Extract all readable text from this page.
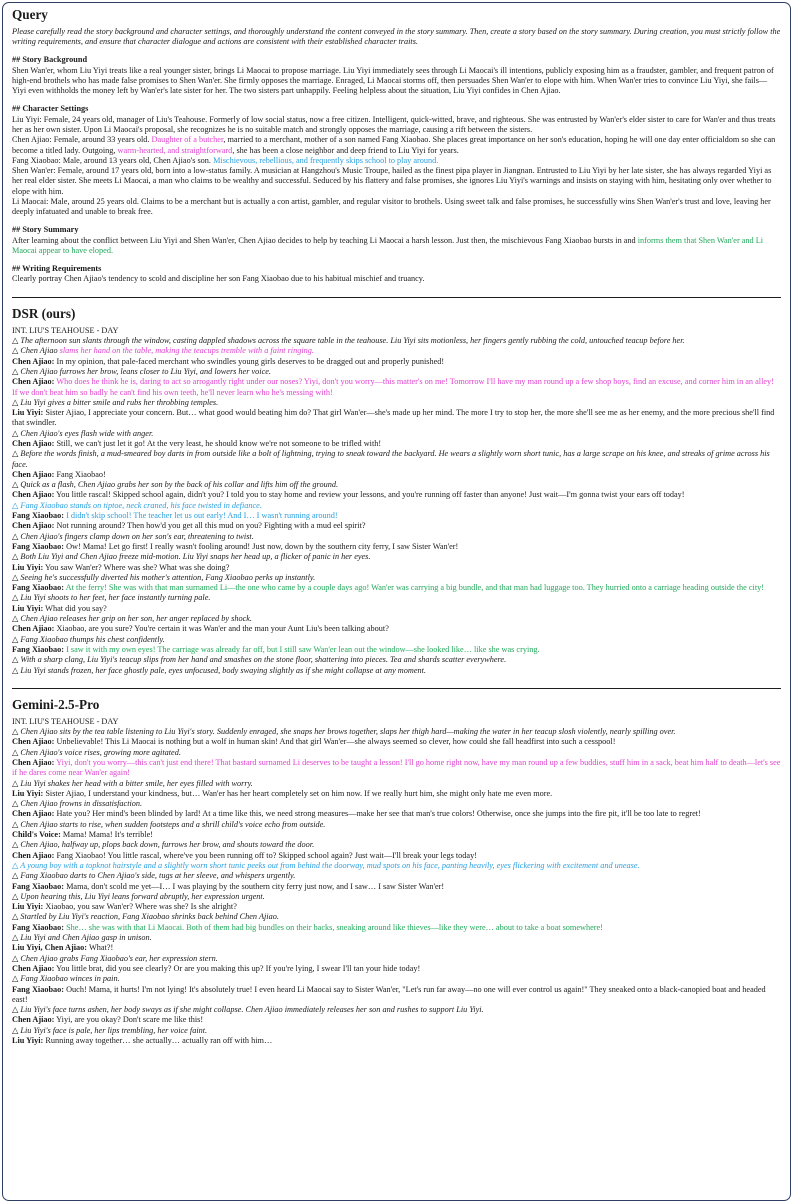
Query
Please carefully read the story background and character settings, and thoroughly understand the content conveyed in the story summary. Then, create a story based on the story summary. During creation, you must strictly follow the writing requirements, and ensure that character dialogue and actions are consistent with their established character traits.
## Story Background
Shen Wan'er, whom Liu Yiyi treats like a real younger sister, brings Li Maocai to propose marriage. Liu Yiyi immediately sees through Li Maocai's ill intentions, publicly exposing him as a fraudster, gambler, and frequent patron of high-end brothels who has made false promises to Shen Wan'er. She firmly opposes the marriage. Enraged, Li Maocai storms off, then persuades Shen Wan'er to elope with him. When Wan'er tries to convince Liu Yiyi, she fails—Yiyi even withholds the money left by Wan'er's late sister for her. The two sisters part unhappily. Feeling helpless about the situation, Liu Yiyi confides in Chen Ajiao.
## Character Settings
Liu Yiyi: Female, 24 years old, manager of Liu's Teahouse. Formerly of low social status, now a free citizen. Intelligent, quick-witted, brave, and righteous. She was entrusted by Wan'er's elder sister to care for Wan'er and thus treats her as her own sister. Upon Li Maocai's proposal, she recognizes he is no suitable match and strongly opposes the marriage, causing a rift between the sisters.
Chen Ajiao: Female, around 33 years old. Daughter of a butcher, married to a merchant, mother of a son named Fang Xiaobao. She places great importance on her son's education, hoping he will one day enter officialdom so she can become a titled lady. Outgoing, warm-hearted, and straightforward, she has been a close neighbor and deep friend to Liu Yiyi for years.
Fang Xiaobao: Male, around 13 years old, Chen Ajiao's son. Mischievous, rebellious, and frequently skips school to play around.
Shen Wan'er: Female, around 17 years old, born into a low-status family. A musician at Hangzhou's Music Troupe, hailed as the finest pipa player in Jiangnan. Entrusted to Liu Yiyi by her late sister, she has always regarded Yiyi as her real elder sister. She meets Li Maocai, a man who claims to be wealthy and successful. Seduced by his flattery and false promises, she ignores Liu Yiyi's warnings and insists on staying with him, hesitating only over whether to elope with him.
Li Maocai: Male, around 25 years old. Claims to be a merchant but is actually a con artist, gambler, and regular visitor to brothels. Using sweet talk and false promises, he successfully wins Shen Wan'er's trust and love, leaving her deeply infatuated and unable to break free.
## Story Summary
After learning about the conflict between Liu Yiyi and Shen Wan'er, Chen Ajiao decides to help by teaching Li Maocai a harsh lesson. Just then, the mischievous Fang Xiaobao bursts in and informs them that Shen Wan'er and Li Maocai appear to have eloped.
## Writing Requirements
Clearly portray Chen Ajiao's tendency to scold and discipline her son Fang Xiaobao due to his habitual mischief and truancy.
DSR (ours)
INT. LIU'S TEAHOUSE - DAY
△ The afternoon sun slants through the window, casting dappled shadows across the square table in the teahouse. Liu Yiyi sits motionless, her fingers gently rubbing the cold, untouched teacup before her.
△ Chen Ajiao slams her hand on the table, making the teacups tremble with a faint ringing.
Chen Ajiao: In my opinion, that pale-faced merchant who swindles young girls deserves to be dragged out and properly punished!
△ Chen Ajiao furrows her brow, leans closer to Liu Yiyi, and lowers her voice.
Chen Ajiao: Who does he think he is, daring to act so arrogantly right under our noses? Yiyi, don't you worry—this matter's on me! Tomorrow I'll have my man round up a few shop boys, find an excuse, and corner him in an alley! If we don't beat him so badly he can't find his own teeth, he'll never learn who he's messing with!
△ Liu Yiyi gives a bitter smile and rubs her throbbing temples.
Liu Yiyi: Sister Ajiao, I appreciate your concern. But… what good would beating him do? That girl Wan'er—she's made up her mind. The more I try to stop her, the more she'll see me as her enemy, and the more precious she'll find that swindler.
△ Chen Ajiao's eyes flash wide with anger.
Chen Ajiao: Still, we can't just let it go! At the very least, he should know we're not someone to be trifled with!
△ Before the words finish, a mud-smeared boy darts in from outside like a bolt of lightning, trying to sneak toward the backyard. He wears a slightly worn short tunic, has a large scrape on his knee, and streaks of grime across his face.
Chen Ajiao: Fang Xiaobao!
△ Quick as a flash, Chen Ajiao grabs her son by the back of his collar and lifts him off the ground.
Chen Ajiao: You little rascal! Skipped school again, didn't you? I told you to stay home and review your lessons, and you're running off faster than anyone! Just wait—I'm gonna twist your ears off today!
△ Fang Xiaobao stands on tiptoe, neck craned, his face twisted in defiance.
Fang Xiaobao: I didn't skip school! The teacher let us out early! And I… I wasn't running around!
Chen Ajiao: Not running around? Then how'd you get all this mud on you? Fighting with a mud eel spirit?
△ Chen Ajiao's fingers clamp down on her son's ear, threatening to twist.
Fang Xiaobao: Ow! Mama! Let go first! I really wasn't fooling around! Just now, down by the southern city ferry, I saw Sister Wan'er!
△ Both Liu Yiyi and Chen Ajiao freeze mid-motion. Liu Yiyi snaps her head up, a flicker of panic in her eyes.
Liu Yiyi: You saw Wan'er? Where was she? What was she doing?
△ Seeing he's successfully diverted his mother's attention, Fang Xiaobao perks up instantly.
Fang Xiaobao: At the ferry! She was with that man surnamed Li—the one who came by a couple days ago! Wan'er was carrying a big bundle, and that man had luggage too. They hurried onto a carriage heading outside the city!
△ Liu Yiyi shoots to her feet, her face instantly turning pale.
Liu Yiyi: What did you say?
△ Chen Ajiao releases her grip on her son, her anger replaced by shock.
Chen Ajiao: Xiaobao, are you sure? You're certain it was Wan'er and the man your Aunt Liu's been talking about?
△ Fang Xiaobao thumps his chest confidently.
Fang Xiaobao: I saw it with my own eyes! The carriage was already far off, but I still saw Wan'er lean out the window—she looked like… like she was crying.
△ With a sharp clang, Liu Yiyi's teacup slips from her hand and smashes on the stone floor, shattering into pieces. Tea and shards scatter everywhere.
△ Liu Yiyi stands frozen, her face ghostly pale, eyes unfocused, body swaying slightly as if she might collapse at any moment.
Gemini-2.5-Pro
INT. LIU'S TEAHOUSE - DAY
△ Chen Ajiao sits by the tea table listening to Liu Yiyi's story. Suddenly enraged, she snaps her brows together, slaps her thigh hard—making the water in her teacup slosh violently, nearly spilling over.
Chen Ajiao: Unbelievable! This Li Maocai is nothing but a wolf in human skin! And that girl Wan'er—she always seemed so clever, how could she fall headfirst into such a cesspool!
△ Chen Ajiao's voice rises, growing more agitated.
Chen Ajiao: Yiyi, don't you worry—this can't just end there! That bastard surnamed Li deserves to be taught a lesson! I'll go home right now, have my man round up a few buddies, stuff him in a sack, beat him half to death—let's see if he dares come near Wan'er again!
△ Liu Yiyi shakes her head with a bitter smile, her eyes filled with worry.
Liu Yiyi: Sister Ajiao, I understand your kindness, but… Wan'er has her heart completely set on him now. If we really hurt him, she might only hate me even more.
△ Chen Ajiao frowns in dissatisfaction.
Chen Ajiao: Hate you? Her mind's been blinded by lard! At a time like this, we need strong measures—make her see that man's true colors! Otherwise, once she jumps into the fire pit, it'll be too late to regret!
△ Chen Ajiao starts to rise, when sudden footsteps and a shrill child's voice echo from outside.
Child's Voice: Mama! Mama! It's terrible!
△ Chen Ajiao, halfway up, plops back down, furrows her brow, and shouts toward the door.
Chen Ajiao: Fang Xiaobao! You little rascal, where've you been running off to? Skipped school again? Just wait—I'll break your legs today!
△ A young boy with a topknot hairstyle and a slightly worn short tunic peeks out from behind the doorway, mud spots on his face, panting heavily, eyes flickering with excitement and unease.
△ Fang Xiaobao darts to Chen Ajiao's side, tugs at her sleeve, and whispers urgently.
Fang Xiaobao: Mama, don't scold me yet—I… I was playing by the southern city ferry just now, and I saw… I saw Sister Wan'er!
△ Upon hearing this, Liu Yiyi leans forward abruptly, her expression urgent.
Liu Yiyi: Xiaobao, you saw Wan'er? Where was she? Is she alright?
△ Startled by Liu Yiyi's reaction, Fang Xiaobao shrinks back behind Chen Ajiao.
Fang Xiaobao: She… she was with that Li Maocai. Both of them had big bundles on their backs, sneaking around like thieves—like they were… about to take a boat somewhere!
△ Liu Yiyi and Chen Ajiao gasp in unison.
Liu Yiyi, Chen Ajiao: What?!
△ Chen Ajiao grabs Fang Xiaobao's ear, her expression stern.
Chen Ajiao: You little brat, did you see clearly? Or are you making this up? If you're lying, I swear I'll tan your hide today!
△ Fang Xiaobao winces in pain.
Fang Xiaobao: Ouch! Mama, it hurts! I'm not lying! It's absolutely true! I even heard Li Maocai say to Sister Wan'er, "Let's run far away—no one will ever control us again!" They sneaked onto a black-canopied boat and headed east!
△ Liu Yiyi's face turns ashen, her body sways as if she might collapse. Chen Ajiao immediately releases her son and rushes to support Liu Yiyi.
Chen Ajiao: Yiyi, are you okay? Don't scare me like this!
△ Liu Yiyi's face is pale, her lips trembling, her voice faint.
Liu Yiyi: Running away together… she actually… actually ran off with him…
